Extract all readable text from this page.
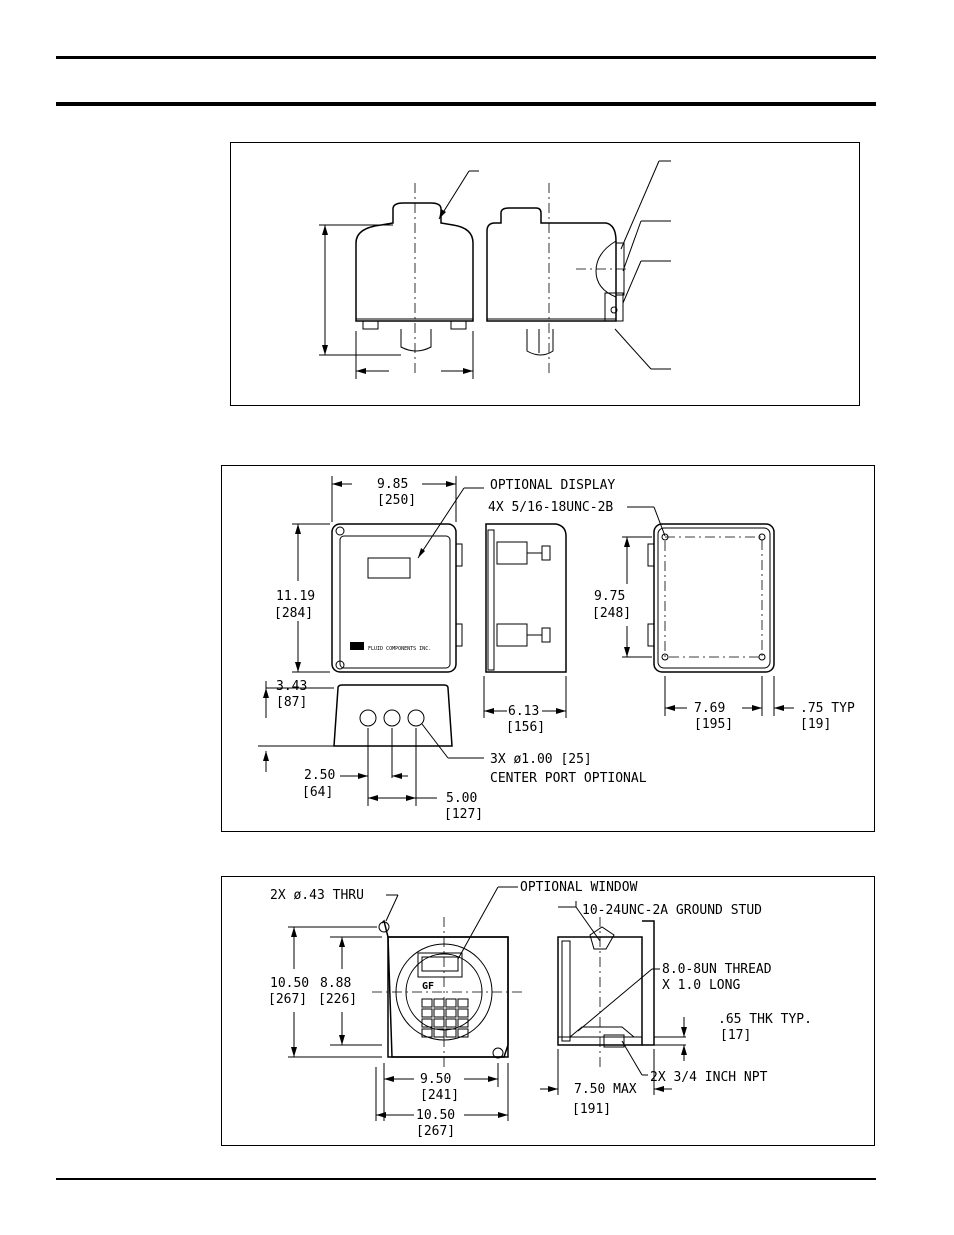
FLUID COMPONENTS INC.
9.85
[250]
OPTIONAL DISPLAY
4X 5/16-18UNC-2B
11.19
[284]
9.75
[248]
3.43
[87]
6.13
[156]
7.69
[195]
.75 TYP
[19]
2.50
[64]
3X ø1.00 [25]
CENTER PORT OPTIONAL
5.00
[127]
GF
2X ø.43 THRU
OPTIONAL WINDOW
10-24UNC-2A GROUND STUD
8.0-8UN THREAD
X 1.0 LONG
10.50
[267]
8.88
[226]
.65 THK TYP.
[17]
2X 3/4 INCH NPT
9.50
[241]	7.50 MAX
[191]
10.50
[267]
